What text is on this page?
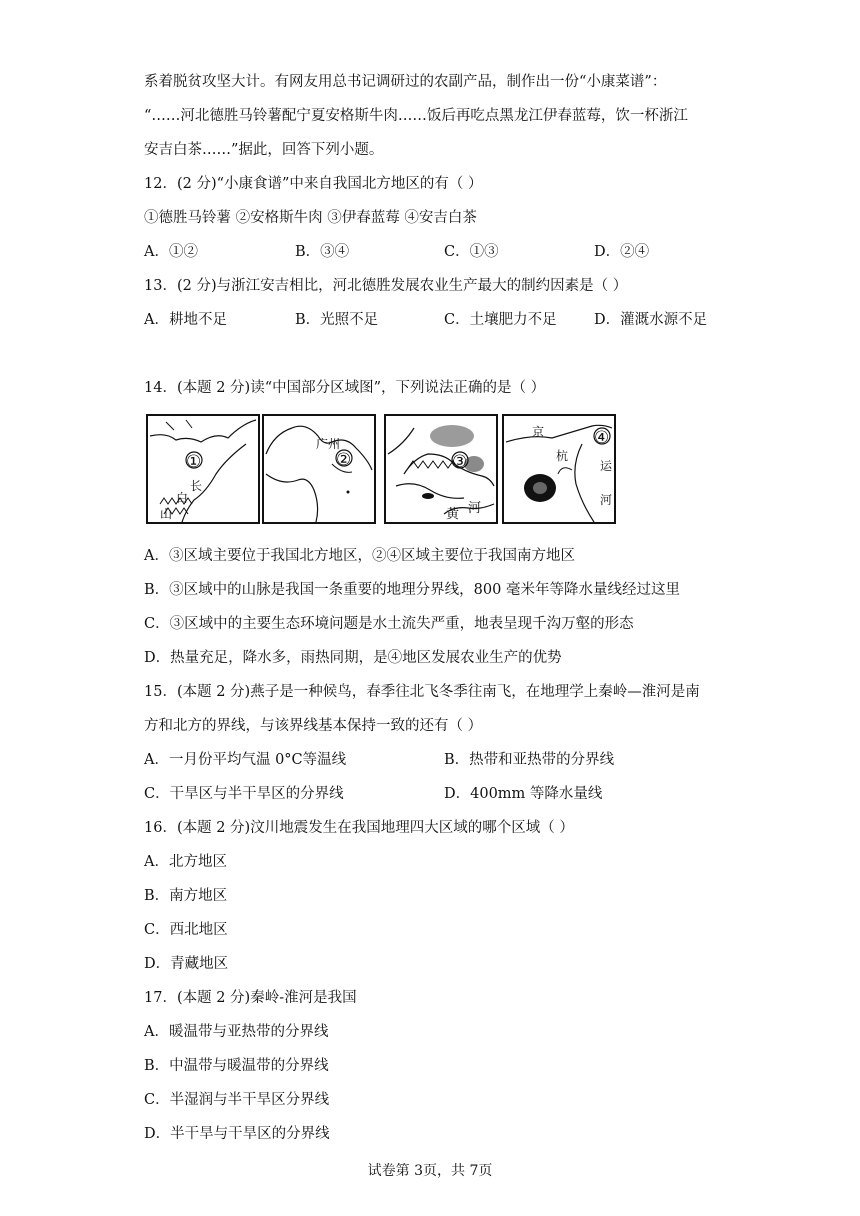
系着脱贫攻坚大计。有网友用总书记调研过的农副产品，制作出一份“小康菜谱”：
“……河北德胜马铃薯配宁夏安格斯牛肉……饭后再吃点黑龙江伊春蓝莓，饮一杯浙江
安吉白茶……”据此，回答下列小题。
12．(2 分)“小康食谱”中来自我国北方地区的有（ ）
①德胜马铃薯 ②安格斯牛肉 ③伊春蓝莓 ④安吉白茶
A．①②	B．③④	C．①③	D．②④
13．(2 分)与浙江安吉相比，河北德胜发展农业生产最大的制约因素是（ ）
A．耕地不足	B．光照不足	C．土壤肥力不足	D．灌溉水源不足
14．(本题 2 分)读“中国部分区域图”，下列说法正确的是（ ）
①
长
白
山
②
广州
③
黄 河
④
京
杭
运
河
A．③区域主要位于我国北方地区，②④区域主要位于我国南方地区
B．③区域中的山脉是我国一条重要的地理分界线，800 毫米年等降水量线经过这里
C．③区域中的主要生态环境问题是水土流失严重，地表呈现千沟万壑的形态
D．热量充足，降水多，雨热同期，是④地区发展农业生产的优势
15．(本题 2 分)燕子是一种候鸟，春季往北飞冬季往南飞，在地理学上秦岭—淮河是南
方和北方的界线，与该界线基本保持一致的还有（ ）
A．一月份平均气温 0°C等温线	B．热带和亚热带的分界线
C．干旱区与半干旱区的分界线	D．400mm 等降水量线
16．(本题 2 分)汶川地震发生在我国地理四大区域的哪个区域（ ）
A．北方地区
B．南方地区
C．西北地区
D．青藏地区
17．(本题 2 分)秦岭-淮河是我国
A．暖温带与亚热带的分界线
B．中温带与暖温带的分界线
C．半湿润与半干旱区分界线
D．半干旱与干旱区的分界线
试卷第 3页，共 7页
